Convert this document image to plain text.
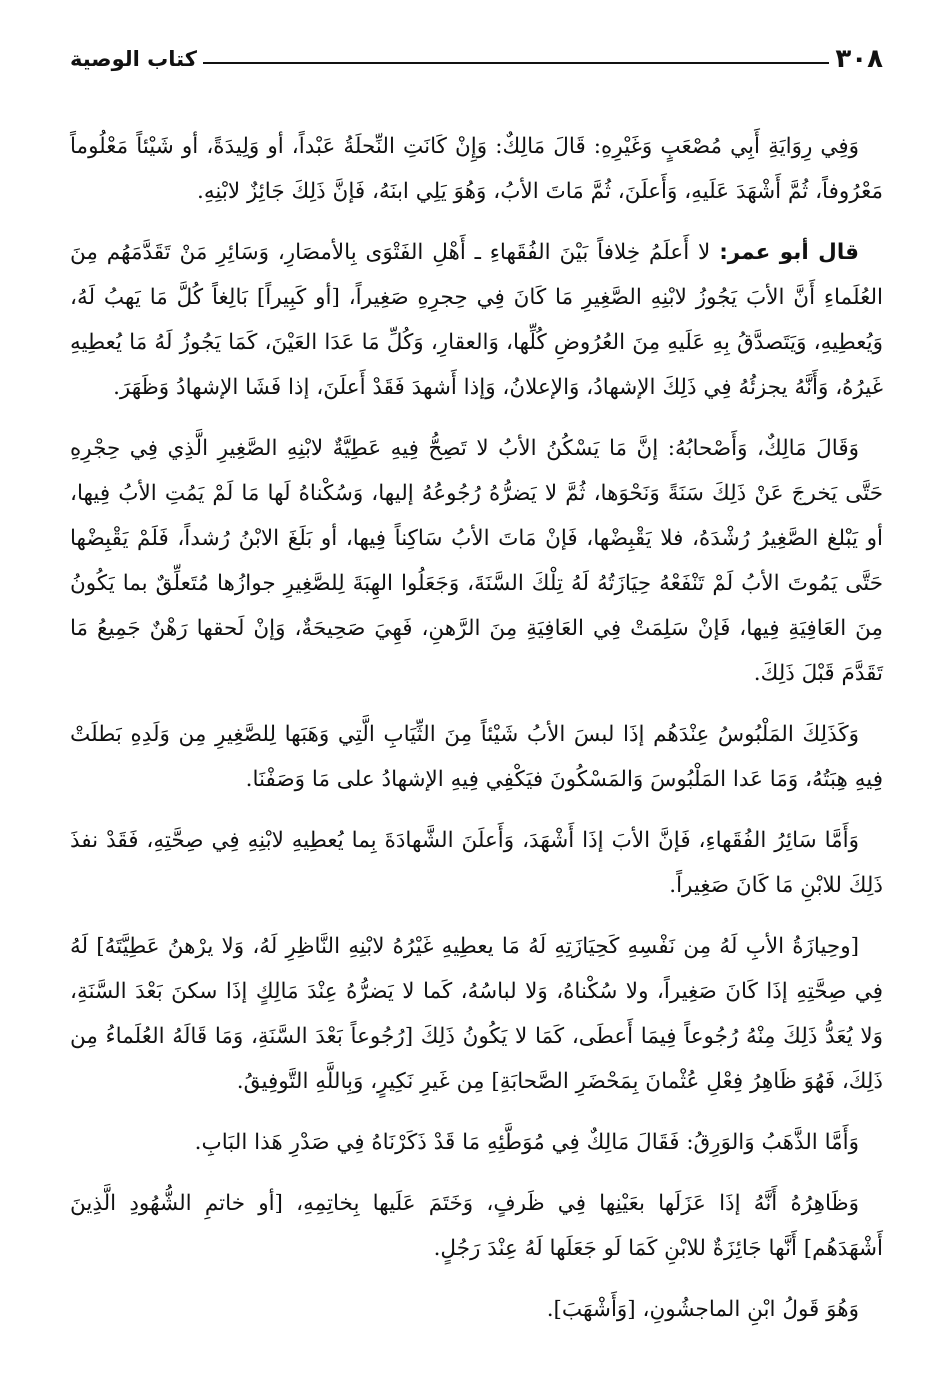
٣٠٨
كتاب الوصية

وَفِي رِوَايَةِ أَبِي مُصْعَبٍ وَغَيْرِهِ: قَالَ مَالِكٌ: وَإِنْ كَانَتِ النِّحلَةُ عَبْداً، أو وَلِيدَةً، أو شَيْئاً مَعْلُوماً مَعْرُوفاً، ثُمَّ أَشْهَدَ عَلَيهِ، وَأَعلَنَ، ثُمَّ مَاتَ الأبُ، وَهُوَ يَلِي ابنَهُ، فَإنَّ ذَلِكَ جَائِزٌ لابْنِهِ.

قال أبو عمر: لا أَعلَمُ خِلافاً بَيْنَ الفُقَهاءِ ـ أَهْلِ الفَتْوَى بِالأمصَارِ، وَسَائِرِ مَنْ تَقَدَّمَهُم مِنَ العُلَماءِ أَنَّ الأبَ يَجُوزُ لابْنِهِ الصَّغِيرِ مَا كَانَ فِي حِجرِهِ صَغِيراً، [أو كَبِيراً] بَالِغاً كُلَّ مَا يَهبُ لَهُ، وَيُعطِيهِ، وَيَتَصدَّقُ بِهِ عَلَيهِ مِنَ العُرُوضِ كُلِّها، وَالعقارِ، وَكُلِّ مَا عَدَا العَيْنَ، كَمَا يَجُوزُ لَهُ مَا يُعطِيهِ غَيرُهُ، وَأَنَّهُ يجزئُهُ فِي ذَلِكَ الإشهادُ، وَالإعلانُ، وَإذا أَشهدَ فَقَدْ أَعلَنَ، إذا فَشَا الإشهادُ وَظَهَرَ.

وَقَالَ مَالِكٌ، وَأَصْحابُهُ: إنَّ مَا يَسْكُنُ الأبُ لا تَصِحُّ فِيهِ عَطِيَّةٌ لابْنِهِ الصَّغِيرِ الَّذِي فِي حِجْرِهِ حَتَّى يَخرجَ عَنْ ذَلِكَ سَنَةً وَنَحْوَها، ثُمَّ لا يَضرُّهُ رُجُوعُهُ إليها، وَسُكْناهُ لَها مَا لَمْ يَمُتِ الأبُ فِيها، أو يَبْلغ الصَّغِيرُ رُشْدَهُ، فلا يَقْبِضْها، فَإنْ مَاتَ الأبُ سَاكِناً فِيها، أو بَلَغَ الابْنُ رُشداً، فَلَمْ يَقْبِضْها حَتَّى يَمُوتَ الأبُ لَمْ تَنْفَعْهُ حِيَازَتُهُ لَهُ تِلْكَ السَّنَةَ، وَجَعَلُوا الهِبَةَ لِلصَّغِيرِ جوازُها مُتَعلِّقٌ بما يَكُونُ مِنَ العَافِيَةِ فِيها، فَإنْ سَلِمَتْ فِي العَافِيَةِ مِنَ الرَّهنِ، فَهِيَ صَحِيحَةٌ، وَإنْ لَحقها رَهْنٌ جَمِيعُ مَا تَقَدَّمَ قَبْلَ ذَلِكَ.

وَكَذَلِكَ المَلْبُوسُ عِنْدَهُم إذَا لبسَ الأبُ شَيْئاً مِنَ الثِّيَابِ الَّتِي وَهَبَها لِلصَّغِيرِ مِن وَلَدِهِ بَطلَتْ فِيهِ هِبَتُهُ، وَمَا عَدا المَلْبُوسَ وَالمَسْكُونَ فيَكْفِي فِيهِ الإشهادُ على مَا وَصَفْنَا.

وَأَمَّا سَائِرُ الفُقَهاءِ، فَإنَّ الأبَ إذَا أَشْهَدَ، وَأَعلَنَ الشَّهادَةَ بِما يُعطِيهِ لابْنِهِ فِي صِحَّتِهِ، فَقَدْ نفذَ ذَلِكَ للابْنِ مَا كَانَ صَغِيراً.

[وحِيازَةُ الأبِ لَهُ مِن نَفْسِهِ كَحِيَازَتِهِ لَهُ مَا يعطِيهِ غَيْرُهُ لابْنِهِ النَّاظِرِ لَهُ، وَلا يرْهنُ عَطِيَّتَهُ] لَهُ فِي صِحَّتِهِ إذَا كَانَ صَغِيراً، ولا سُكْناهُ، وَلا لباسُهُ، كَما لا يَضرُّهُ عِنْدَ مَالِكٍ إذَا سكنَ بَعْدَ السَّنَةِ، وَلا يُعَدُّ ذَلِكَ مِنْهُ رُجُوعاً فِيمَا أَعطَى، كَمَا لا يَكُونُ ذَلِكَ [رُجُوعاً بَعْدَ السَّنَةِ، وَمَا قَالَهُ العُلَماءُ مِن ذَلِكَ، فَهُوَ ظَاهِرُ فِعْلِ عُثْمانَ بِمَحْضَرِ الصَّحابَةِ] مِن غَيرِ نَكِيرٍ، وَبِاللَّهِ التَّوفِيقُ.

وَأَمَّا الذَّهَبُ وَالوَرِقُ: فَقَالَ مَالِكٌ فِي مُوَطَّئِهِ مَا قَدْ ذَكَرْنَاهُ فِي صَدْرِ هَذا البَابِ.

وَظَاهِرُهُ أَنَّهُ إذَا عَزَلَها بعَيْنِها فِي ظَرفٍ، وَخَتَمَ عَلَيها بِخاتِمِهِ، [أو خاتمِ الشُّهُودِ الَّذِينَ أَشْهَدَهُم] أَنَّها جَائِزَةٌ للابْنِ كَمَا لَو جَعَلَها لَهُ عِنْدَ رَجُلٍ.

وَهُوَ قَولُ ابْنِ الماجشُونِ، [وَأَشْهَبَ].
